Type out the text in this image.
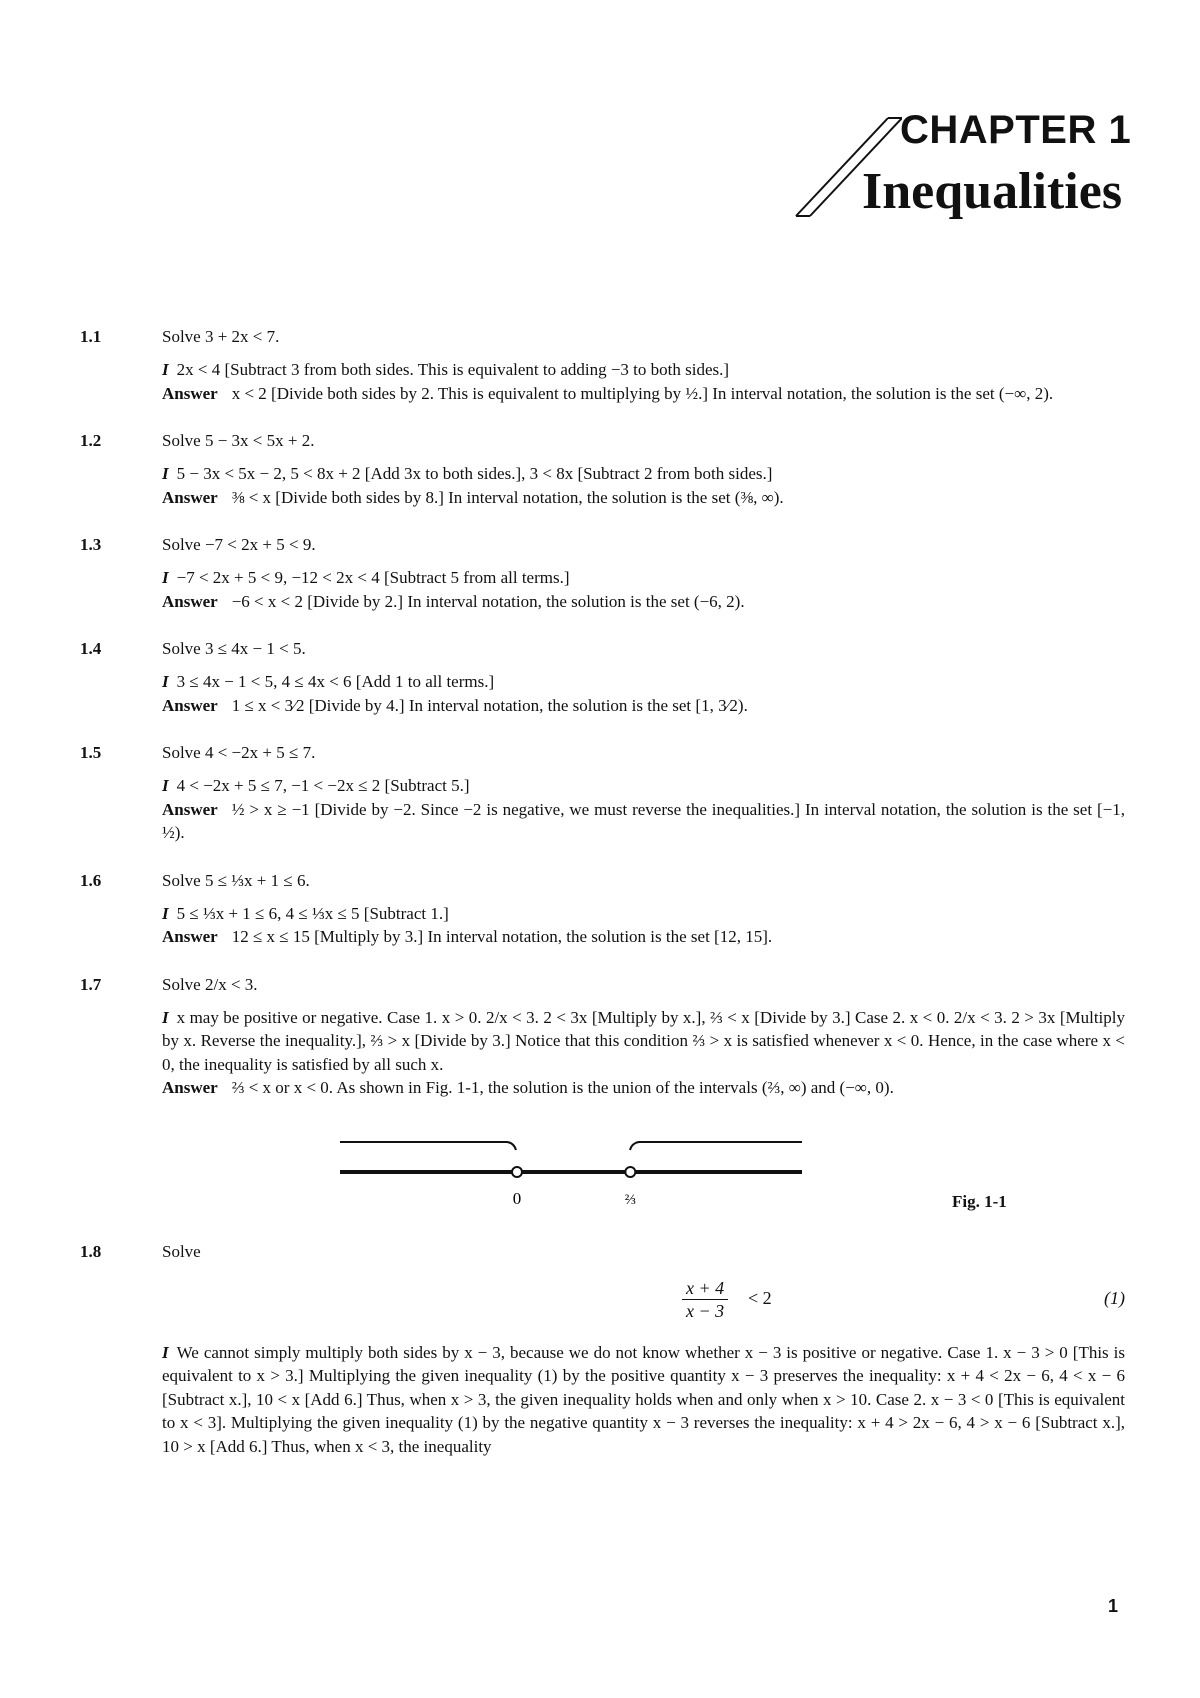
CHAPTER 1
Inequalities
1.1	Solve 3 + 2x < 7.
I 2x < 4 [Subtract 3 from both sides. This is equivalent to adding −3 to both sides.]
Answer x < 2 [Divide both sides by 2. This is equivalent to multiplying by ½.] In interval notation, the solution is the set (−∞, 2).
1.2	Solve 5 − 3x < 5x + 2.
I 5 − 3x < 5x − 2, 5 < 8x + 2 [Add 3x to both sides.], 3 < 8x [Subtract 2 from both sides.]
Answer ⅜ < x [Divide both sides by 8.] In interval notation, the solution is the set (⅜, ∞).
1.3	Solve −7 < 2x + 5 < 9.
I −7 < 2x + 5 < 9, −12 < 2x < 4 [Subtract 5 from all terms.]
Answer −6 < x < 2 [Divide by 2.] In interval notation, the solution is the set (−6, 2).
1.4	Solve 3 ≤ 4x − 1 < 5.
I 3 ≤ 4x − 1 < 5, 4 ≤ 4x < 6 [Add 1 to all terms.]
Answer 1 ≤ x < 3⁄2 [Divide by 4.] In interval notation, the solution is the set [1, 3⁄2).
1.5	Solve 4 < −2x + 5 ≤ 7.
I 4 < −2x + 5 ≤ 7, −1 < −2x ≤ 2 [Subtract 5.]
Answer ½ > x ≥ −1 [Divide by −2. Since −2 is negative, we must reverse the inequalities.] In interval notation, the solution is the set [−1, ½).
1.6	Solve 5 ≤ ⅓x + 1 ≤ 6.
I 5 ≤ ⅓x + 1 ≤ 6, 4 ≤ ⅓x ≤ 5 [Subtract 1.]
Answer 12 ≤ x ≤ 15 [Multiply by 3.] In interval notation, the solution is the set [12, 15].
1.7	Solve 2/x < 3.
I x may be positive or negative. Case 1. x > 0. 2/x < 3. 2 < 3x [Multiply by x.], ⅔ < x [Divide by 3.] Case 2. x < 0. 2/x < 3. 2 > 3x [Multiply by x. Reverse the inequality.], ⅔ > x [Divide by 3.] Notice that this condition ⅔ > x is satisfied whenever x < 0. Hence, in the case where x < 0, the inequality is satisfied by all such x.
Answer ⅔ < x or x < 0. As shown in Fig. 1-1, the solution is the union of the intervals (⅔, ∞) and (−∞, 0).
0	⅔	Fig. 1-1
1.8	Solve
$\frac{x + 4}{x - 3} < 2$	(1)
I We cannot simply multiply both sides by x − 3, because we do not know whether x − 3 is positive or negative. Case 1. x − 3 > 0 [This is equivalent to x > 3.] Multiplying the given inequality (1) by the positive quantity x − 3 preserves the inequality: x + 4 < 2x − 6, 4 < x − 6 [Subtract x.], 10 < x [Add 6.] Thus, when x > 3, the given inequality holds when and only when x > 10. Case 2. x − 3 < 0 [This is equivalent to x < 3]. Multiplying the given inequality (1) by the negative quantity x − 3 reverses the inequality: x + 4 > 2x − 6, 4 > x − 6 [Subtract x.], 10 > x [Add 6.] Thus, when x < 3, the inequality
1
